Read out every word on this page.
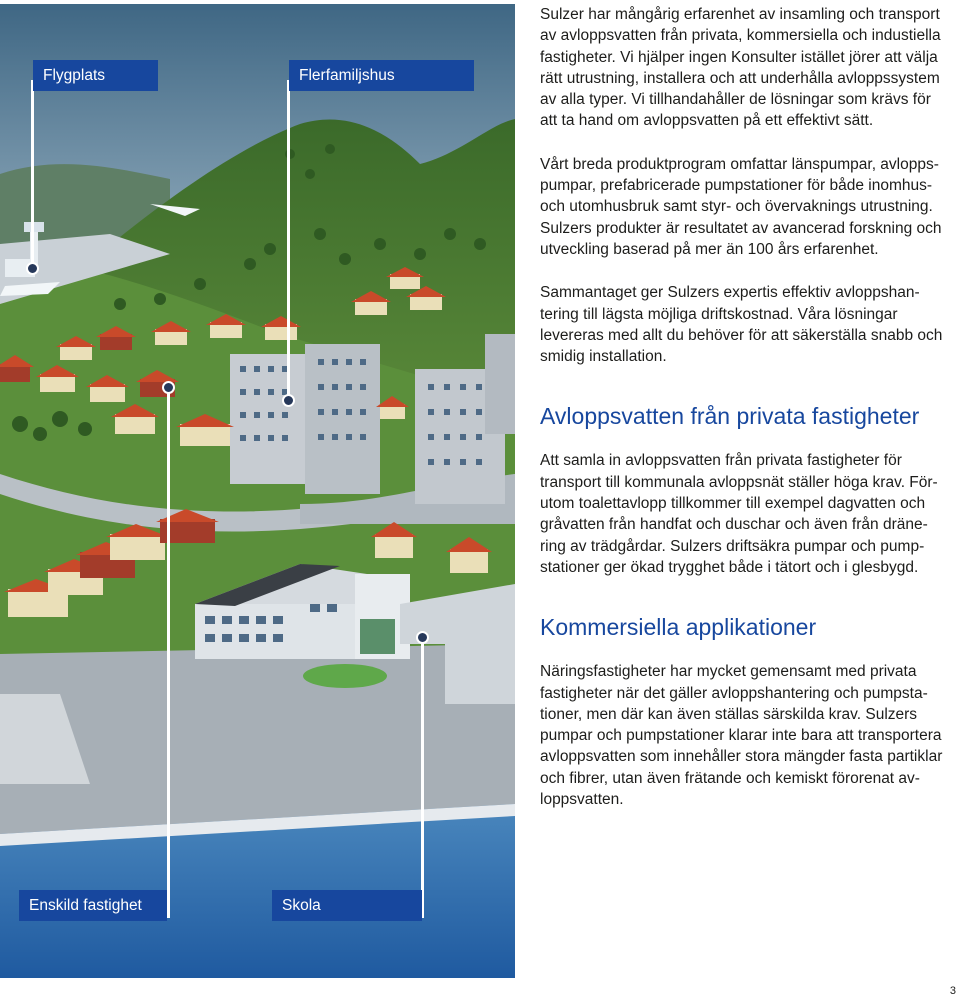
Flygplats	Flerfamiljshus
Enskild fastighet	Skola

Sulzer har mångårig erfarenhet av insamling och transport
av avloppsvatten från privata, kommersiella och industiella
fastigheter. Vi hjälper ingen Konsulter istället jörer att välja
rätt utrustning, installera och att underhålla avloppssystem
av alla typer. Vi tillhandahåller de lösningar som krävs för
att ta hand om avloppsvatten på ett effektivt sätt.

Vårt breda produktprogram omfattar länspumpar, avlopps-
pumpar, prefabricerade pumpstationer för både inomhus-
och utomhusbruk samt styr- och övervaknings utrustning.
Sulzers produkter är resultatet av avancerad forskning och
utveckling baserad på mer än 100 års erfarenhet.

Sammantaget ger Sulzers expertis effektiv avloppshan-
tering till lägsta möjliga driftskostnad. Våra lösningar
levereras med allt du behöver för att säkerställa snabb och
smidig installation.

Avloppsvatten från privata fastigheter

Att samla in avloppsvatten från privata fastigheter för
transport till kommunala avloppsnät ställer höga krav. För-
utom toalettavlopp tillkommer till exempel dagvatten och
gråvatten från handfat och duschar och även från dräne-
ring av trädgårdar. Sulzers driftsäkra pumpar och pump-
stationer ger ökad trygghet både i tätort och i glesbygd.

Kommersiella applikationer

Näringsfastigheter har mycket gemensamt med privata
fastigheter när det gäller avloppshantering och pumpsta-
tioner, men där kan även ställas särskilda krav. Sulzers
pumpar och pumpstationer klarar inte bara att transportera
avloppsvatten som innehåller stora mängder fasta partiklar
och fibrer, utan även frätande och kemiskt förorenat av-
loppsvatten.

3
